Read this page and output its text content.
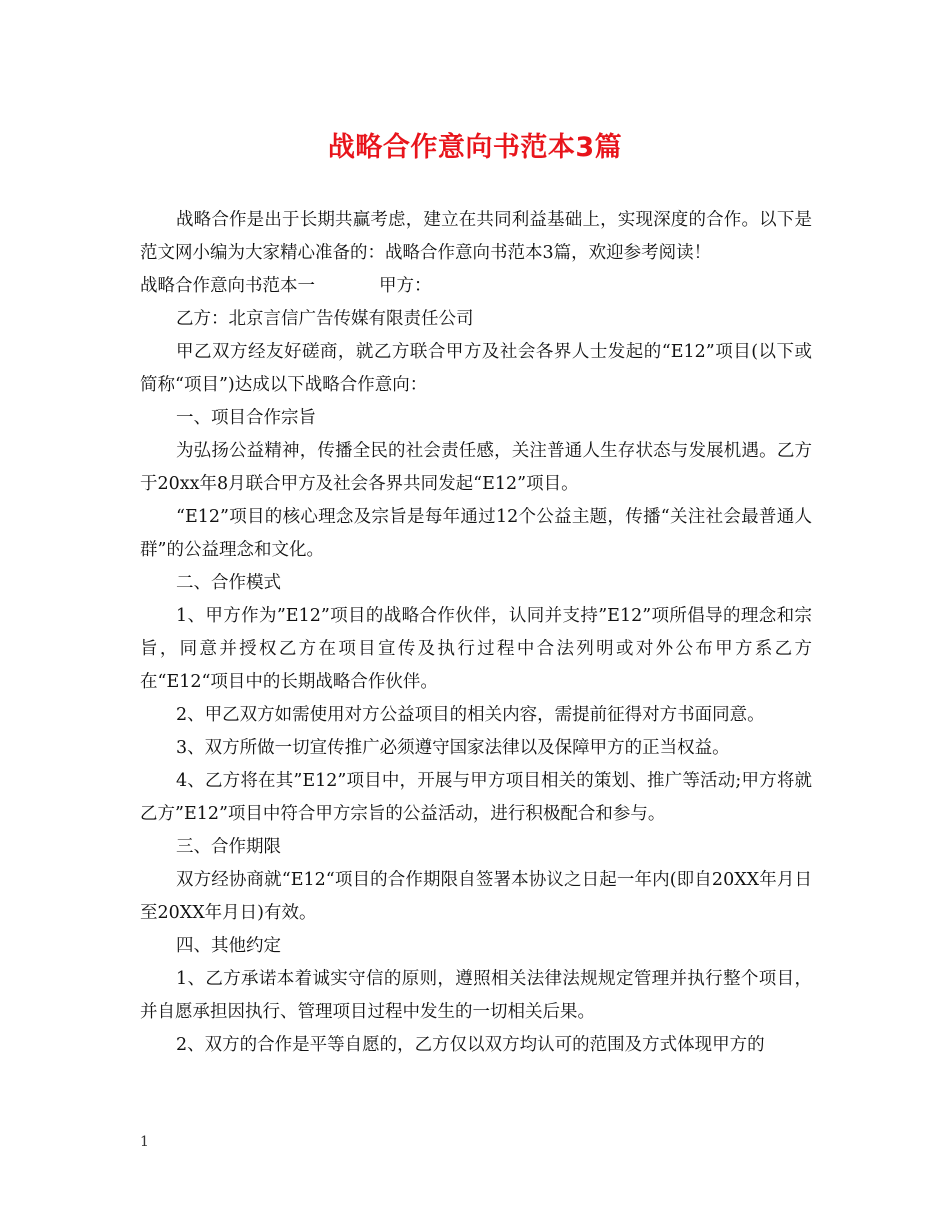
战略合作意向书范本3篇

战略合作是出于长期共赢考虑，建立在共同利益基础上，实现深度的合作。以下是范文网小编为大家精心准备的：战略合作意向书范本3篇，欢迎参考阅读！

战略合作意向书范本一	甲方：

乙方：北京言信广告传媒有限责任公司

甲乙双方经友好磋商，就乙方联合甲方及社会各界人士发起的“E12”项目(以下或简称“项目”)达成以下战略合作意向：

一、项目合作宗旨

为弘扬公益精神，传播全民的社会责任感，关注普通人生存状态与发展机遇。乙方于20xx年8月联合甲方及社会各界共同发起“E12”项目。

“E12”项目的核心理念及宗旨是每年通过12个公益主题，传播“关注社会最普通人群”的公益理念和文化。

二、合作模式

1、甲方作为”E12”项目的战略合作伙伴，认同并支持”E12”项所倡导的理念和宗旨，同意并授权乙方在项目宣传及执行过程中合法列明或对外公布甲方系乙方在“E12“项目中的长期战略合作伙伴。

2、甲乙双方如需使用对方公益项目的相关内容，需提前征得对方书面同意。

3、双方所做一切宣传推广必须遵守国家法律以及保障甲方的正当权益。

4、乙方将在其”E12”项目中，开展与甲方项目相关的策划、推广等活动;甲方将就乙方”E12”项目中符合甲方宗旨的公益活动，进行积极配合和参与。

三、合作期限

双方经协商就“E12“项目的合作期限自签署本协议之日起一年内(即自20XX年月日至20XX年月日)有效。

四、其他约定

1、乙方承诺本着诚实守信的原则，遵照相关法律法规规定管理并执行整个项目，并自愿承担因执行、管理项目过程中发生的一切相关后果。

2、双方的合作是平等自愿的，乙方仅以双方均认可的范围及方式体现甲方的

1
